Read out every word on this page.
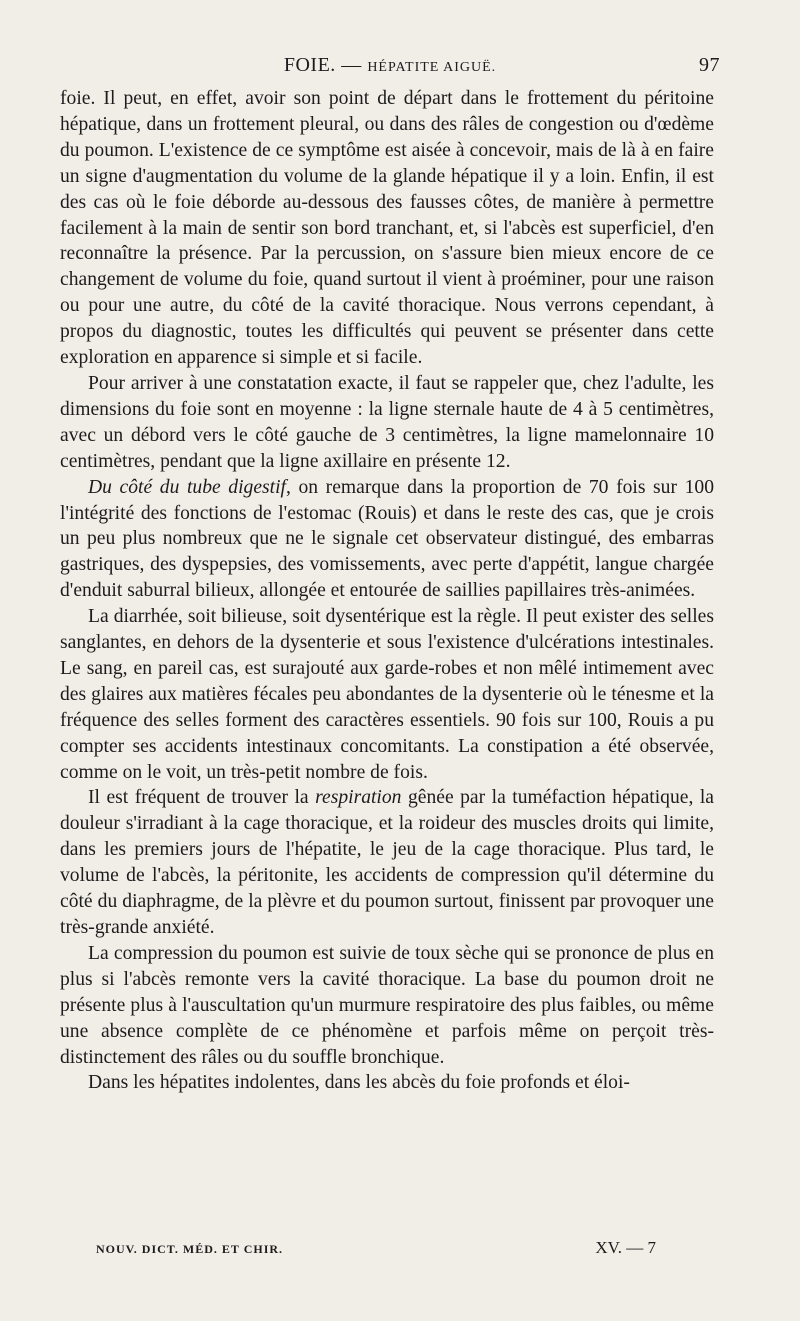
FOIE. — HÉPATITE AIGUË.	97

foie. Il peut, en effet, avoir son point de départ dans le frottement du péritoine hépatique, dans un frottement pleural, ou dans des râles de congestion ou d'œdème du poumon. L'existence de ce symptôme est aisée à concevoir, mais de là à en faire un signe d'augmentation du volume de la glande hépatique il y a loin. Enfin, il est des cas où le foie déborde au-dessous des fausses côtes, de manière à permettre facilement à la main de sentir son bord tranchant, et, si l'abcès est superficiel, d'en reconnaître la présence. Par la percussion, on s'assure bien mieux encore de ce changement de volume du foie, quand surtout il vient à proéminer, pour une raison ou pour une autre, du côté de la cavité thoracique. Nous verrons cependant, à propos du diagnostic, toutes les difficultés qui peuvent se présenter dans cette exploration en apparence si simple et si facile.

Pour arriver à une constatation exacte, il faut se rappeler que, chez l'adulte, les dimensions du foie sont en moyenne : la ligne sternale haute de 4 à 5 centimètres, avec un débord vers le côté gauche de 3 centimètres, la ligne mamelonnaire 10 centimètres, pendant que la ligne axillaire en présente 12.

Du côté du tube digestif, on remarque dans la proportion de 70 fois sur 100 l'intégrité des fonctions de l'estomac (Rouis) et dans le reste des cas, que je crois un peu plus nombreux que ne le signale cet observateur distingué, des embarras gastriques, des dyspepsies, des vomissements, avec perte d'appétit, langue chargée d'enduit saburral bilieux, allongée et entourée de saillies papillaires très-animées.

La diarrhée, soit bilieuse, soit dysentérique est la règle. Il peut exister des selles sanglantes, en dehors de la dysenterie et sous l'existence d'ulcérations intestinales. Le sang, en pareil cas, est surajouté aux garde-robes et non mêlé intimement avec des glaires aux matières fécales peu abondantes de la dysenterie où le ténesme et la fréquence des selles forment des caractères essentiels. 90 fois sur 100, Rouis a pu compter ses accidents intestinaux concomitants. La constipation a été observée, comme on le voit, un très-petit nombre de fois.

Il est fréquent de trouver la respiration gênée par la tuméfaction hépatique, la douleur s'irradiant à la cage thoracique, et la roideur des muscles droits qui limite, dans les premiers jours de l'hépatite, le jeu de la cage thoracique. Plus tard, le volume de l'abcès, la péritonite, les accidents de compression qu'il détermine du côté du diaphragme, de la plèvre et du poumon surtout, finissent par provoquer une très-grande anxiété.

La compression du poumon est suivie de toux sèche qui se prononce de plus en plus si l'abcès remonte vers la cavité thoracique. La base du poumon droit ne présente plus à l'auscultation qu'un murmure respiratoire des plus faibles, ou même une absence complète de ce phénomène et parfois même on perçoit très-distinctement des râles ou du souffle bronchique.

Dans les hépatites indolentes, dans les abcès du foie profonds et éloi-

NOUV. DICT. MÉD. ET CHIR.	XV. — 7
